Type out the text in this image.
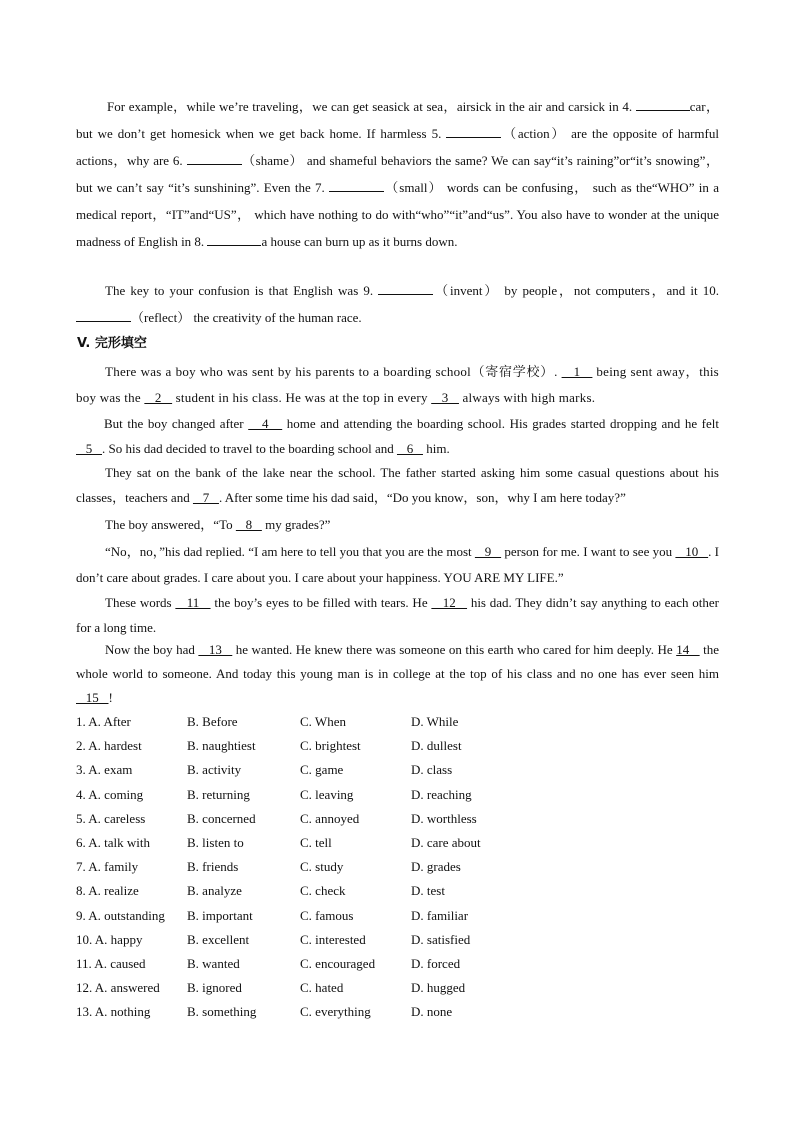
For example，while we’re traveling，we can get seasick at sea，airsick in the air and carsick in 4.	car，but we don’t get homesick when we get back home. If harmless 5.	（action） are the opposite of harmful actions，why are 6.	（shame） and shameful behaviors the same? We can say“it’s raining”or“it’s snowing”，but we can’t say “it’s sunshining”. Even the 7.	（small） words can be confusing， such as the“WHO” in a medical report，“IT”and“US”， which have nothing to do with“who”“it”and“us”. You also have to wonder at the unique madness of English in 8.	a house can burn up as it burns down.

The key to your confusion is that English was 9.	（invent） by people，not computers，and it 10. （reflect） the creativity of the human race.

V. 完形填空

There was a boy who was sent by his parents to a boarding school（寄宿学校）.    1    being sent away，this boy was the    2    student in his class. He was at the top in every    3    always with high marks.

But the boy changed after    4    home and attending the boarding school. His grades started dropping and he felt    5   . So his dad decided to travel to the boarding school and    6    him.

They sat on the bank of the lake near the school. The father started asking him some casual questions about his classes，teachers and    7   . After some time his dad said，“Do you know，son，why I am here today?”

The boy answered，“To    8    my grades?”

“No，no，”his dad replied. “I am here to tell you that you are the most    9    person for me. I want to see you    10   . I don’t care about grades. I care about you. I care about your happiness. YOU ARE MY LIFE.”

These words    11    the boy’s eyes to be filled with tears. He    12    his dad. They didn’t say anything to each other for a long time.

Now the boy had    13    he wanted. He knew there was someone on this earth who cared for him deeply. He 14    the whole world to someone. And today this young man is in college at the top of his class and no one has ever seen him    15   !

1. A. After	B. Before	C. When	D. While
2. A. hardest	B. naughtiest	C. brightest	D. dullest
3. A. exam	B. activity	C. game	D. class
4. A. coming	B. returning	C. leaving	D. reaching
5. A. careless	B. concerned	C. annoyed	D. worthless
6. A. talk with	B. listen to	C. tell	D. care about
7. A. family	B. friends	C. study	D. grades
8. A. realize	B. analyze	C. check	D. test
9. A. outstanding B. important	C. famous	D. familiar
10. A. happy	B. excellent	C. interested	D. satisfied
11. A. caused	B. wanted	C. encouraged	D. forced
12. A. answered B. ignored	C. hated	D. hugged
13. A. nothing	B. something	C. everything	D. none
